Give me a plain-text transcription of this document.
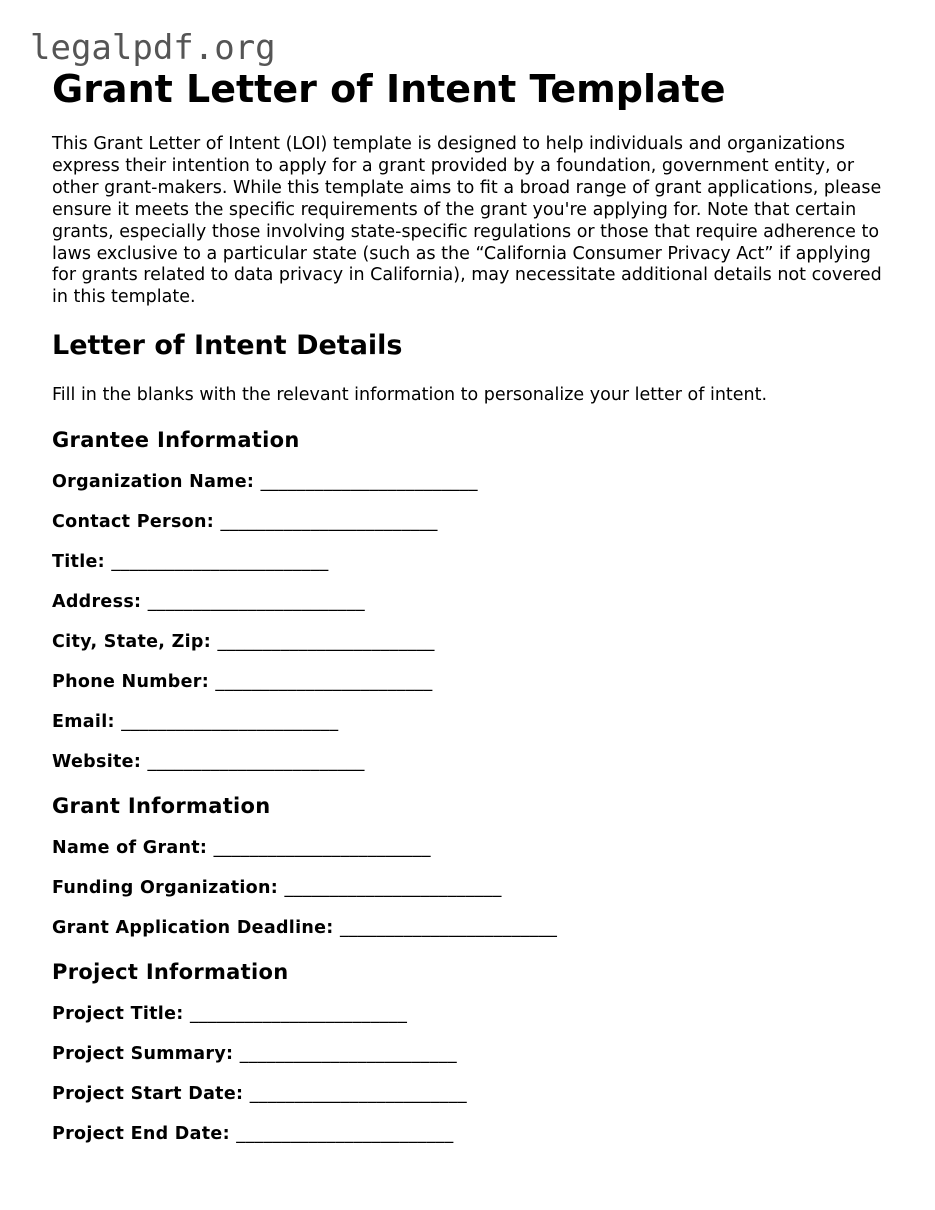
legalpdf.org
Grant Letter of Intent Template

This Grant Letter of Intent (LOI) template is designed to help individuals and organizations express their intention to apply for a grant provided by a foundation, government entity, or other grant-makers. While this template aims to fit a broad range of grant applications, please ensure it meets the specific requirements of the grant you're applying for. Note that certain grants, especially those involving state-specific regulations or those that require adherence to laws exclusive to a particular state (such as the “California Consumer Privacy Act” if applying for grants related to data privacy in California), may necessitate additional details not covered in this template.

Letter of Intent Details

Fill in the blanks with the relevant information to personalize your letter of intent.

Grantee Information
Organization Name: ________________________
Contact Person: ________________________
Title: ________________________
Address: ________________________
City, State, Zip: ________________________
Phone Number: ________________________
Email: ________________________
Website: ________________________
Grant Information
Name of Grant: ________________________
Funding Organization: ________________________
Grant Application Deadline: ________________________
Project Information
Project Title: ________________________
Project Summary: ________________________
Project Start Date: ________________________
Project End Date: ________________________
